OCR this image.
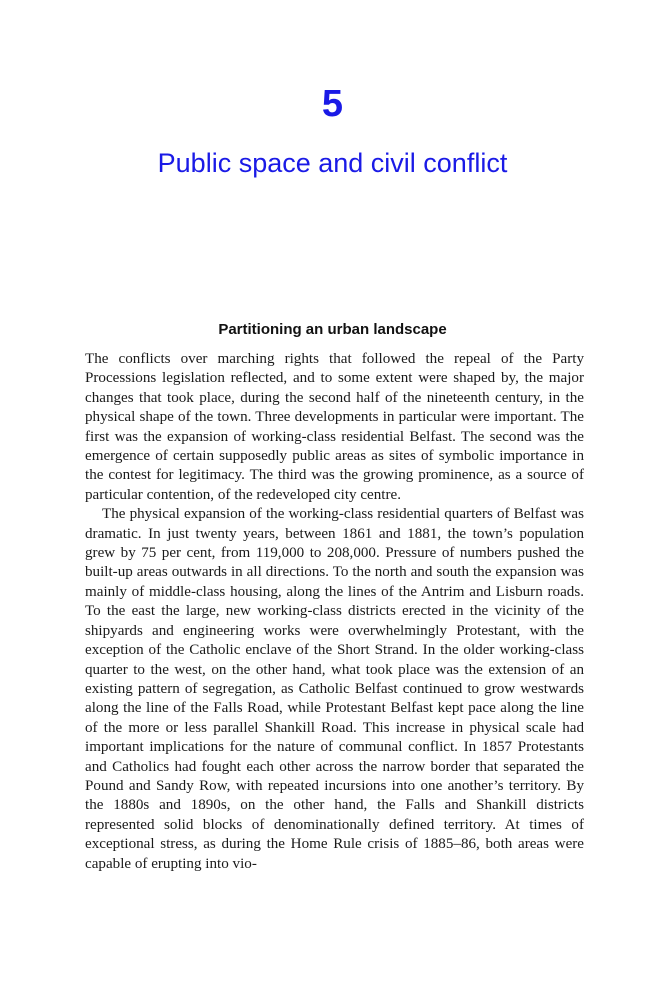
5
Public space and civil conflict
Partitioning an urban landscape

The conflicts over marching rights that followed the repeal of the Party Processions legislation reflected, and to some extent were shaped by, the major changes that took place, during the second half of the nineteenth century, in the physical shape of the town. Three developments in particular were important. The first was the expansion of working-class residential Belfast. The second was the emergence of certain supposedly public areas as sites of symbolic importance in the contest for legitimacy. The third was the growing prominence, as a source of particular contention, of the redeveloped city centre.

The physical expansion of the working-class residential quarters of Belfast was dramatic. In just twenty years, between 1861 and 1881, the town’s population grew by 75 per cent, from 119,000 to 208,000. Pressure of numbers pushed the built-up areas outwards in all directions. To the north and south the expansion was mainly of middle-class housing, along the lines of the Antrim and Lisburn roads. To the east the large, new working-class districts erected in the vicinity of the shipyards and engineering works were overwhelmingly Protestant, with the exception of the Catholic enclave of the Short Strand. In the older working-class quarter to the west, on the other hand, what took place was the extension of an existing pattern of segregation, as Catholic Belfast continued to grow westwards along the line of the Falls Road, while Protestant Belfast kept pace along the line of the more or less parallel Shankill Road. This increase in physical scale had important implications for the nature of communal conflict. In 1857 Protestants and Catholics had fought each other across the narrow border that separated the Pound and Sandy Row, with repeated incursions into one another’s territory. By the 1880s and 1890s, on the other hand, the Falls and Shankill districts represented solid blocks of denominationally defined territory. At times of exceptional stress, as during the Home Rule crisis of 1885–86, both areas were capable of erupting into vio-
